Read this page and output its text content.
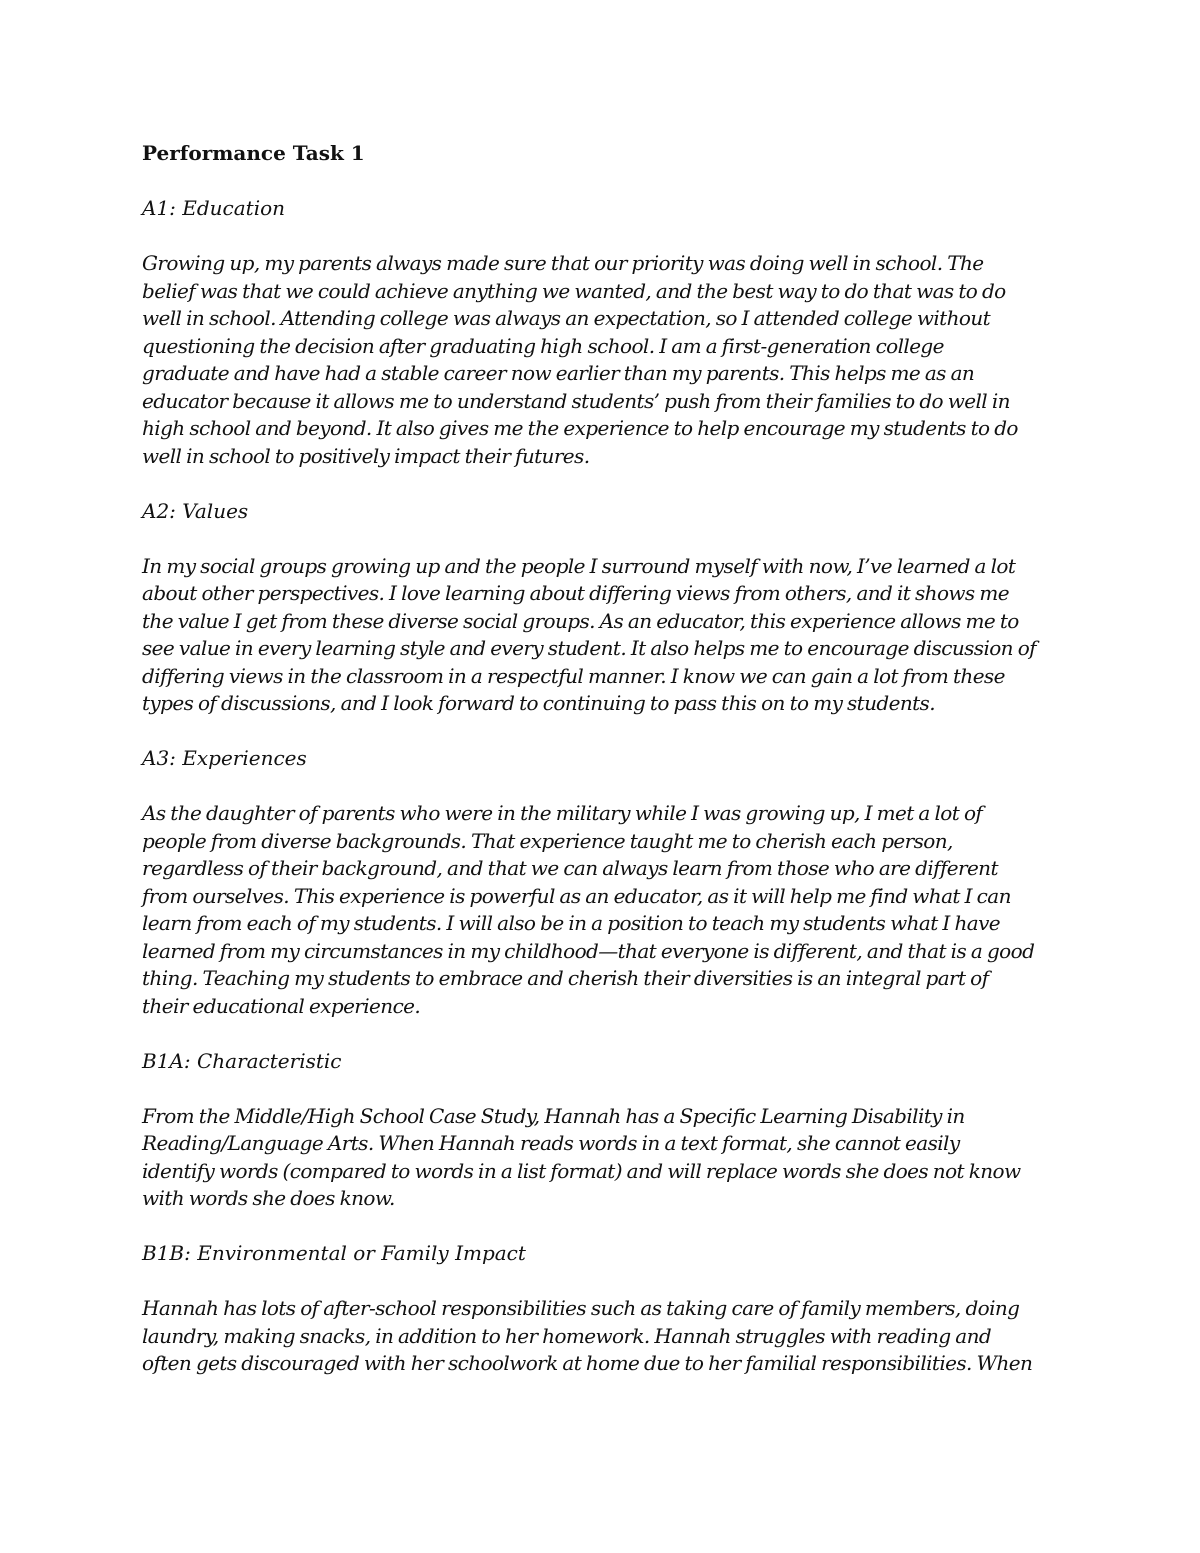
Performance Task 1
A1: Education
Growing up, my parents always made sure that our priority was doing well in school. The
belief was that we could achieve anything we wanted, and the best way to do that was to do
well in school. Attending college was always an expectation, so I attended college without
questioning the decision after graduating high school. I am a first-generation college
graduate and have had a stable career now earlier than my parents. This helps me as an
educator because it allows me to understand students’ push from their families to do well in
high school and beyond. It also gives me the experience to help encourage my students to do
well in school to positively impact their futures.
A2: Values
In my social groups growing up and the people I surround myself with now, I’ve learned a lot
about other perspectives. I love learning about differing views from others, and it shows me
the value I get from these diverse social groups. As an educator, this experience allows me to
see value in every learning style and every student. It also helps me to encourage discussion of
differing views in the classroom in a respectful manner. I know we can gain a lot from these
types of discussions, and I look forward to continuing to pass this on to my students.
A3: Experiences
As the daughter of parents who were in the military while I was growing up, I met a lot of
people from diverse backgrounds. That experience taught me to cherish each person,
regardless of their background, and that we can always learn from those who are different
from ourselves. This experience is powerful as an educator, as it will help me find what I can
learn from each of my students. I will also be in a position to teach my students what I have
learned from my circumstances in my childhood—that everyone is different, and that is a good
thing. Teaching my students to embrace and cherish their diversities is an integral part of
their educational experience.
B1A: Characteristic
From the Middle/High School Case Study, Hannah has a Specific Learning Disability in
Reading/Language Arts. When Hannah reads words in a text format, she cannot easily
identify words (compared to words in a list format) and will replace words she does not know
with words she does know.
B1B: Environmental or Family Impact
Hannah has lots of after-school responsibilities such as taking care of family members, doing
laundry, making snacks, in addition to her homework. Hannah struggles with reading and
often gets discouraged with her schoolwork at home due to her familial responsibilities. When
